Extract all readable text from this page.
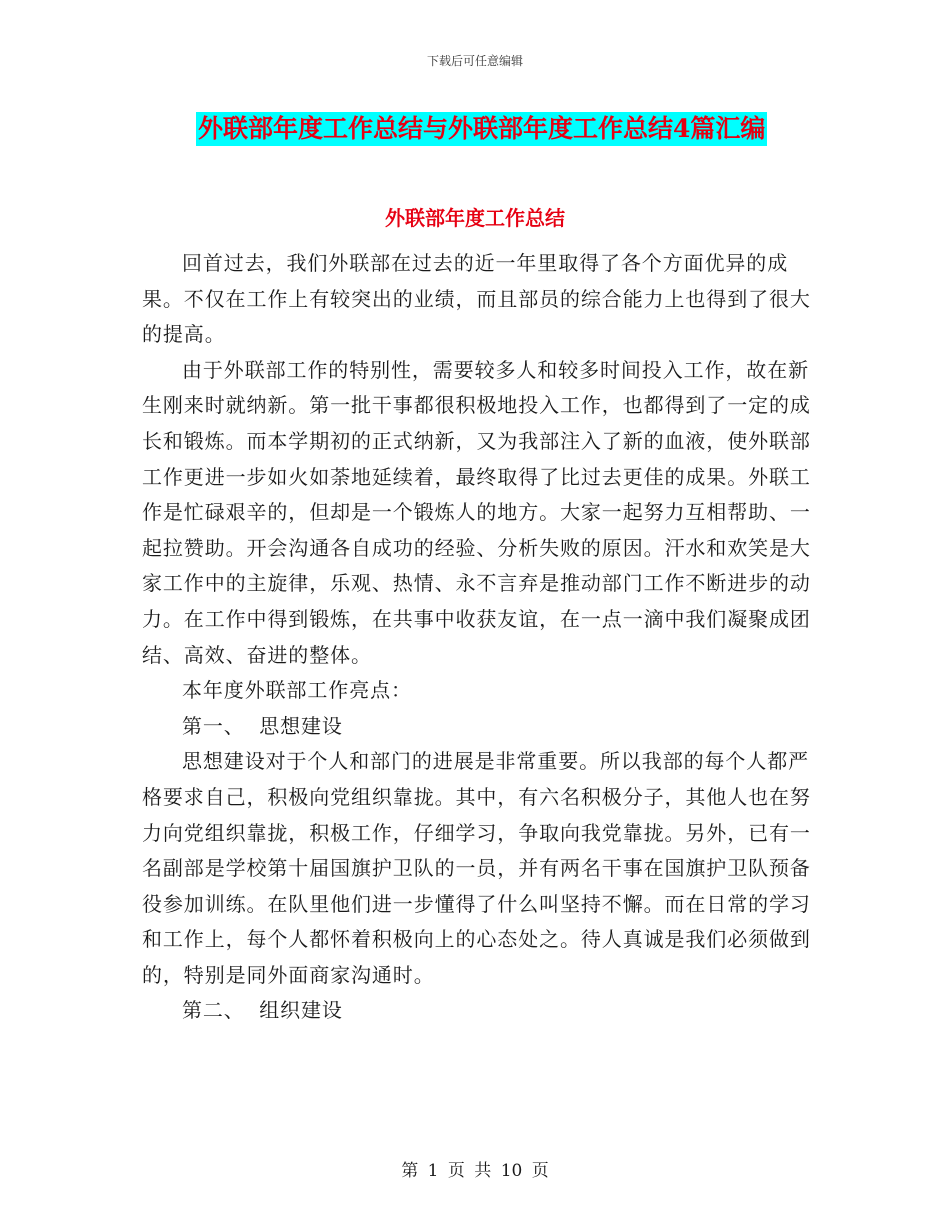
下载后可任意编辑
外联部年度工作总结与外联部年度工作总结4篇汇编
外联部年度工作总结

回首过去，我们外联部在过去的近一年里取得了各个方面优异的成果。不仅在工作上有较突出的业绩，而且部员的综合能力上也得到了很大的提高。

由于外联部工作的特别性，需要较多人和较多时间投入工作，故在新生刚来时就纳新。第一批干事都很积极地投入工作，也都得到了一定的成长和锻炼。而本学期初的正式纳新，又为我部注入了新的血液，使外联部工作更进一步如火如荼地延续着，最终取得了比过去更佳的成果。外联工作是忙碌艰辛的，但却是一个锻炼人的地方。大家一起努力互相帮助、一起拉赞助。开会沟通各自成功的经验、分析失败的原因。汗水和欢笑是大家工作中的主旋律，乐观、热情、永不言弃是推动部门工作不断进步的动力。在工作中得到锻炼，在共事中收获友谊，在一点一滴中我们凝聚成团结、高效、奋进的整体。

本年度外联部工作亮点：

第一、  思想建设

思想建设对于个人和部门的进展是非常重要。所以我部的每个人都严格要求自己，积极向党组织靠拢。其中，有六名积极分子，其他人也在努力向党组织靠拢，积极工作，仔细学习，争取向我党靠拢。另外，已有一名副部是学校第十届国旗护卫队的一员，并有两名干事在国旗护卫队预备役参加训练。在队里他们进一步懂得了什么叫坚持不懈。而在日常的学习和工作上，每个人都怀着积极向上的心态处之。待人真诚是我们必须做到的，特别是同外面商家沟通时。

第二、  组织建设

第 1 页 共 10 页
